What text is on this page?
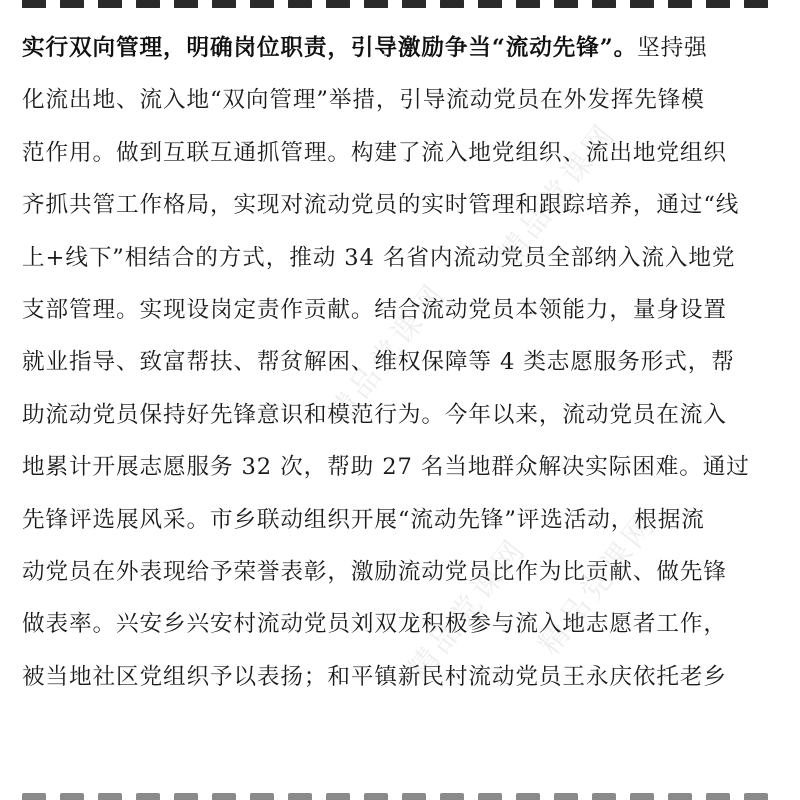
实行双向管理，明确岗位职责，引导激励争当“流动先锋”。坚持强
化流出地、流入地“双向管理”举措，引导流动党员在外发挥先锋模
范作用。做到互联互通抓管理。构建了流入地党组织、流出地党组织
齐抓共管工作格局，实现对流动党员的实时管理和跟踪培养，通过“线
上+线下”相结合的方式，推动 34 名省内流动党员全部纳入流入地党
支部管理。实现设岗定责作贡献。结合流动党员本领能力，量身设置
就业指导、致富帮扶、帮贫解困、维权保障等 4 类志愿服务形式，帮
助流动党员保持好先锋意识和模范行为。今年以来，流动党员在流入
地累计开展志愿服务 32 次，帮助 27 名当地群众解决实际困难。通过
先锋评选展风采。市乡联动组织开展“流动先锋”评选活动，根据流
动党员在外表现给予荣誉表彰，激励流动党员比作为比贡献、做先锋
做表率。兴安乡兴安村流动党员刘双龙积极参与流入地志愿者工作，
被当地社区党组织予以表扬；和平镇新民村流动党员王永庆依托老乡

精品党课网
精品党课网
精品党课网
精品党课网
